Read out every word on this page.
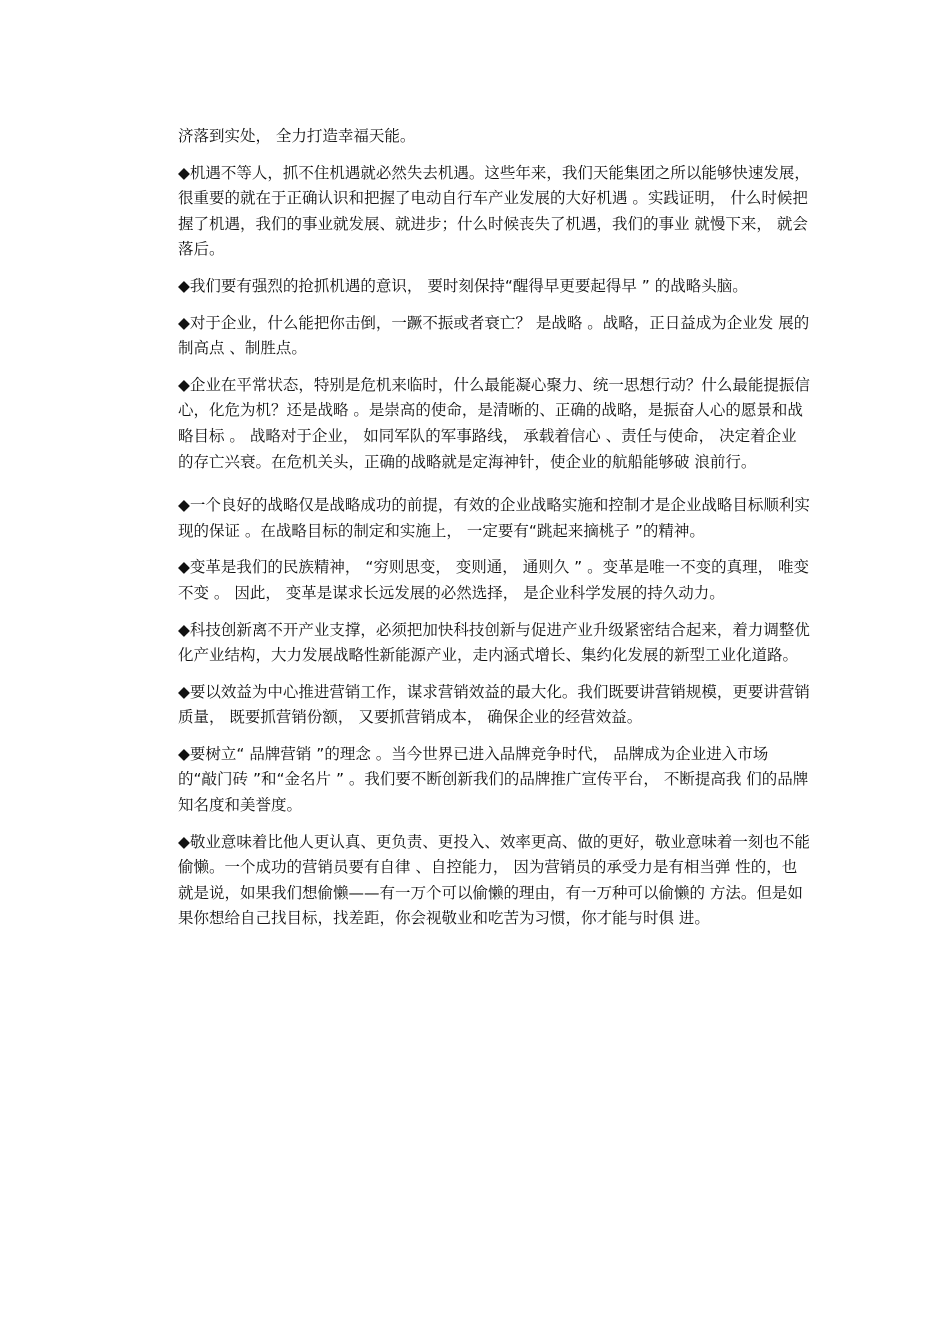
济落到实处， 全力打造幸福天能。

◆机遇不等人，抓不住机遇就必然失去机遇。这些年来，我们天能集团之所以能够快速发展， 很重要的就在于正确认识和把握了电动自行车产业发展的大好机遇 。实践证明， 什么时候把握了机遇，我们的事业就发展、就进步；什么时候丧失了机遇，我们的事业 就慢下来， 就会落后。

◆我们要有强烈的抢抓机遇的意识， 要时刻保持“醒得早更要起得早 ” 的战略头脑。

◆对于企业，什么能把你击倒，一蹶不振或者衰亡？ 是战略 。战略，正日益成为企业发 展的制高点 、制胜点。

◆企业在平常状态，特别是危机来临时，什么最能凝心聚力、统一思想行动？什么最能提振信心，化危为机？还是战略 。是崇高的使命，是清晰的、正确的战略，是振奋人心的愿景和战略目标 。 战略对于企业， 如同军队的军事路线， 承载着信心 、责任与使命， 决定着企业的存亡兴衰。在危机关头，正确的战略就是定海神针，使企业的航船能够破 浪前行。

◆一个良好的战略仅是战略成功的前提，有效的企业战略实施和控制才是企业战略目标顺利实现的保证 。在战略目标的制定和实施上， 一定要有“跳起来摘桃子 ”的精神。

◆变革是我们的民族精神， “穷则思变， 变则通， 通则久 ” 。变革是唯一不变的真理， 唯变不变 。 因此， 变革是谋求长远发展的必然选择， 是企业科学发展的持久动力。

◆科技创新离不开产业支撑，必须把加快科技创新与促进产业升级紧密结合起来，着力调整优化产业结构，大力发展战略性新能源产业，走内涵式增长、集约化发展的新型工业化道路。

◆要以效益为中心推进营销工作，谋求营销效益的最大化。我们既要讲营销规模，更要讲营销质量， 既要抓营销份额， 又要抓营销成本， 确保企业的经营效益。

◆要树立“ 品牌营销 ”的理念 。当今世界已进入品牌竞争时代， 品牌成为企业进入市场 的“敲门砖 ”和“金名片 ” 。我们要不断创新我们的品牌推广宣传平台， 不断提高我 们的品牌知名度和美誉度。

◆敬业意味着比他人更认真、更负责、更投入、效率更高、做的更好，敬业意味着一刻也不能偷懒。一个成功的营销员要有自律 、自控能力， 因为营销员的承受力是有相当弹 性的，也就是说，如果我们想偷懒——有一万个可以偷懒的理由，有一万种可以偷懒的 方法。但是如果你想给自己找目标，找差距，你会视敬业和吃苦为习惯，你才能与时俱 进。
